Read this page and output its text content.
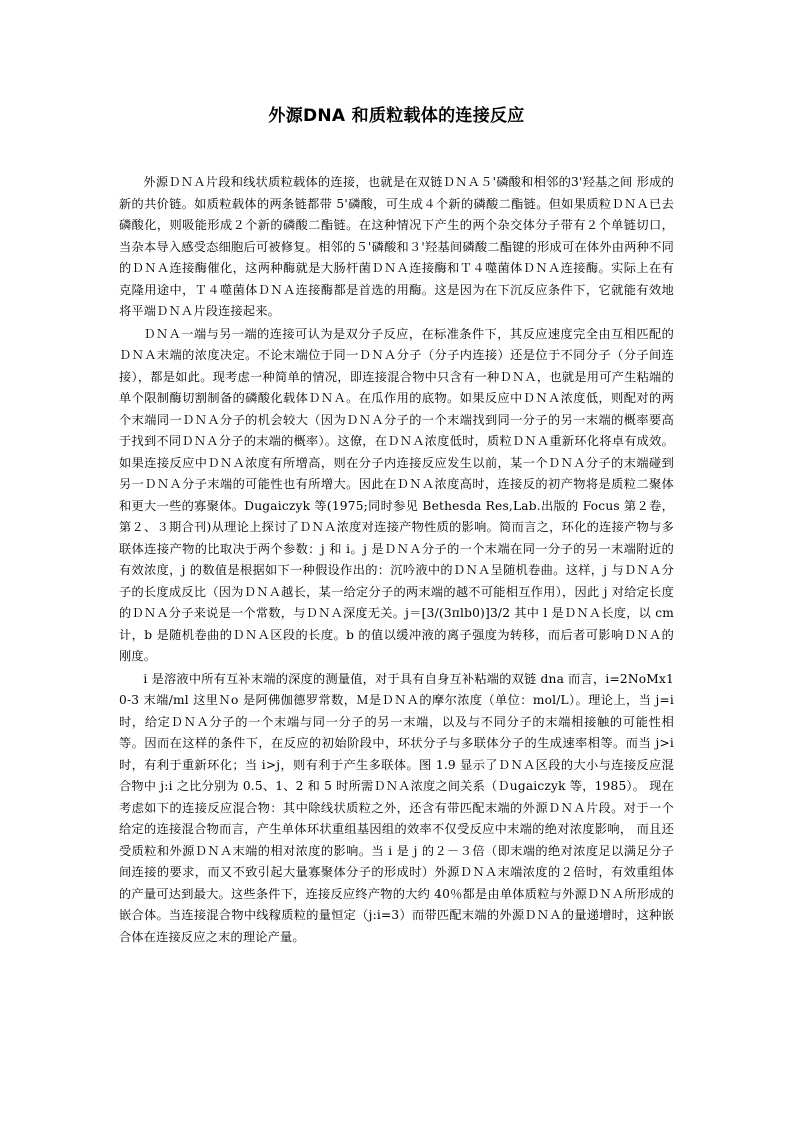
外源DNA 和质粒载体的连接反应

外源ＤＮＡ片段和线状质粒载体的连接，也就是在双链ＤＮＡ５'磷酸和相邻的3'羟基之间 形成的新的共价链。如质粒载体的两条链都带 5'磷酸，可生成４个新的磷酸二酯链。但如果质粒ＤＮＡ已去磷酸化，则吸能形成２个新的磷酸二酯链。在这种情况下产生的两个杂交体分子带有２个单链切口，当杂本导入感受态细胞后可被修复。相邻的５'磷酸和３'羟基间磷酸二酯键的形成可在体外由两种不同的ＤＮＡ连接酶催化，这两种酶就是大肠杆菌ＤＮＡ连接酶和Ｔ４噬菌体ＤＮＡ连接酶。实际上在有克隆用途中，Ｔ４噬菌体ＤＮＡ连接酶都是首选的用酶。这是因为在下沉反应条件下，它就能有效地将平端ＤＮＡ片段连接起来。

ＤＮＡ一端与另一端的连接可认为是双分子反应，在标准条件下，其反应速度完全由互相匹配的ＤＮＡ末端的浓度决定。不论末端位于同一ＤＮＡ分子（分子内连接）还是位于不同分子（分子间连接），都是如此。现考虑一种简单的情况，即连接混合物中只含有一种ＤＮＡ，也就是用可产生粘端的单个限制酶切割制备的磷酸化载体ＤＮＡ。在瓜作用的底物。如果反应中ＤＮＡ浓度低，则配对的两个末端同一ＤＮＡ分子的机会较大（因为ＤＮＡ分子的一个末端找到同一分子的另一末端的概率要高于找到不同ＤＮＡ分子的末端的概率）。这僚，在ＤＮＡ浓度低时，质粒ＤＮＡ重新环化将卓有成效。如果连接反应中ＤＮＡ浓度有所增高，则在分子内连接反应发生以前，某一个ＤＮＡ分子的末端碰到另一ＤＮＡ分子末端的可能性也有所增大。因此在ＤＮＡ浓度高时，连接反的初产物将是质粒二聚体和更大一些的寡聚体。Dugaiczyk 等(1975;同时参见 Bethesda Res,Lab.出版的 Focus 第２卷，第２、３期合刊)从理论上探讨了ＤＮＡ浓度对连接产物性质的影响。简而言之，环化的连接产物与多联体连接产物的比取决于两个参数：j 和 i。j 是ＤＮＡ分子的一个末端在同一分子的另一末端附近的有效浓度，j 的数值是根据如下一种假设作出的：沉吟液中的ＤＮＡ呈随机卷曲。这样，j 与ＤＮＡ分子的长度成反比（因为ＤＮＡ越长，某一给定分子的两末端的越不可能相互作用），因此 j 对给定长度的ＤＮＡ分子来说是一个常数，与ＤＮＡ深度无关。j＝[3/(3πlb0)]3/2 其中 l 是ＤＮＡ长度，以 cm 计，b 是随机卷曲的ＤＮＡ区段的长度。b 的值以缓冲液的离子强度为转移，而后者可影响ＤＮＡ的刚度。

i 是溶液中所有互补末端的深度的测量值，对于具有自身互补粘端的双链 dna 而言，i=2NoMx10-3 末端/ml 这里Ｎo 是阿佛伽德罗常数，Ｍ是ＤＮＡ的摩尔浓度（单位：mol/L）。理论上，当 j=i 时，给定ＤＮＡ分子的一个末端与同一分子的另一末端，以及与不同分子的末端相接触的可能性相等。因而在这样的条件下，在反应的初始阶段中，环状分子与多联体分子的生成速率相等。而当 j>i 时，有利于重新环化；当 i>j，则有利于产生多联体。图 1.9 显示了ＤＮＡ区段的大小与连接反应混合物中 j:i 之比分别为 0.5、1、2 和 5 时所需ＤＮＡ浓度之间关系（Ｄugaiczyk 等，1985）。 现在考虑如下的连接反应混合物：其中除线状质粒之外，还含有带匹配末端的外源ＤＮＡ片段。对于一个给定的连接混合物而言，产生单体环状重组基因组的效率不仅受反应中末端的绝对浓度影响， 而且还受质粒和外源ＤＮＡ末端的相对浓度的影响。当 i 是 j 的２－３倍（即末端的绝对浓度足以满足分子间连接的要求，而又不致引起大量寡聚体分子的形成时）外源ＤＮＡ末端浓度的２倍时，有效重组体的产量可达到最大。这些条件下，连接反应终产物的大约 40％都是由单体质粒与外源ＤＮＡ所形成的嵌合体。当连接混合物中线稼质粒的量恒定（j:i=3）而带匹配末端的外源ＤＮＡ的量递增时，这种嵌合体在连接反应之末的理论产量。
